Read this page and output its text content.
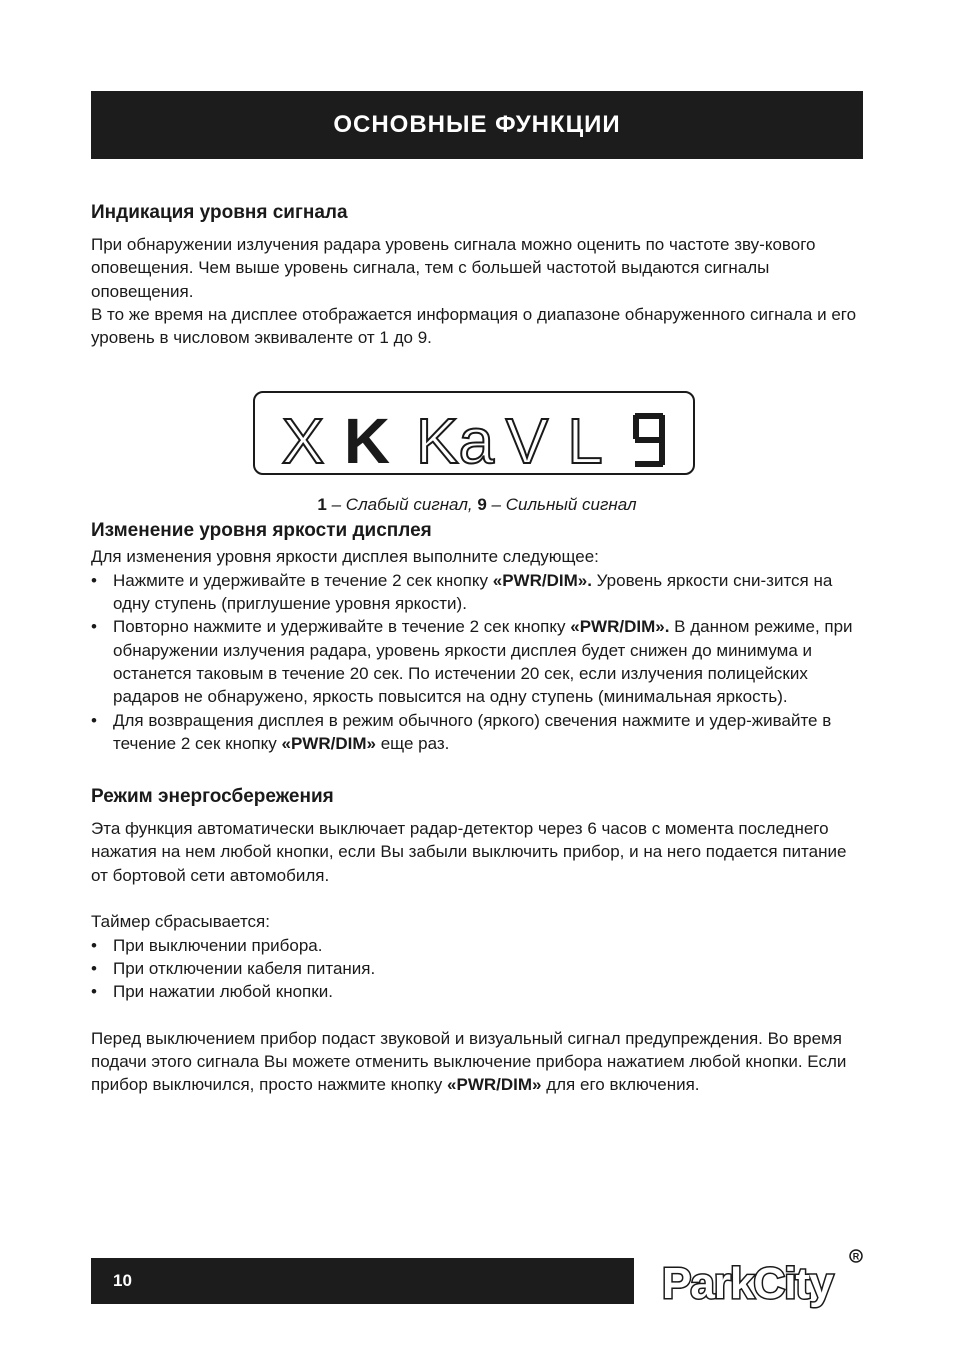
ОСНОВНЫЕ ФУНКЦИИ
Индикация уровня сигнала

При обнаружении излучения радара уровень сигнала можно оценить по частоте зву-кового оповещения. Чем выше уровень сигнала, тем с большей частотой выдаются сигналы оповещения.

В то же время на дисплее отображается информация о диапазоне обнаруженного сигнала и его уровень в числовом эквиваленте от 1 до 9.

X K Ka V L
1 – Слабый сигнал, 9 – Сильный сигнал
Изменение уровня яркости дисплея

Для изменения уровня яркости дисплея выполните следующее:

• Нажмите и удерживайте в течение 2 сек кнопку «PWR/DIM». Уровень яркости сни-зится на одну ступень (приглушение уровня яркости).
• Повторно нажмите и удерживайте в течение 2 сек кнопку «PWR/DIM». В данном режиме, при обнаружении излучения радара, уровень яркости дисплея будет снижен до минимума и останется таковым в течение 20 сек. По истечении 20 сек, если излучения полицейских радаров не обнаружено, яркость повысится на одну ступень (минимальная яркость).
• Для возвращения дисплея в режим обычного (яркого) свечения нажмите и удер-живайте в течение 2 сек кнопку «PWR/DIM» еще раз.
Режим энергосбережения

Эта функция автоматически выключает радар-детектор через 6 часов с момента последнего нажатия на нем любой кнопки, если Вы забыли выключить прибор, и на него подается питание от бортовой сети автомобиля.

Таймер сбрасывается:

• При выключении прибора.
• При отключении кабеля питания.
• При нажатии любой кнопки.

Перед выключением прибор подаст звуковой и визуальный сигнал предупреждения. Во время подачи этого сигнала Вы можете отменить выключение прибора нажатием любой кнопки. Если прибор выключился, просто нажмите кнопку «PWR/DIM» для его включения.

10	ParkCity
R
